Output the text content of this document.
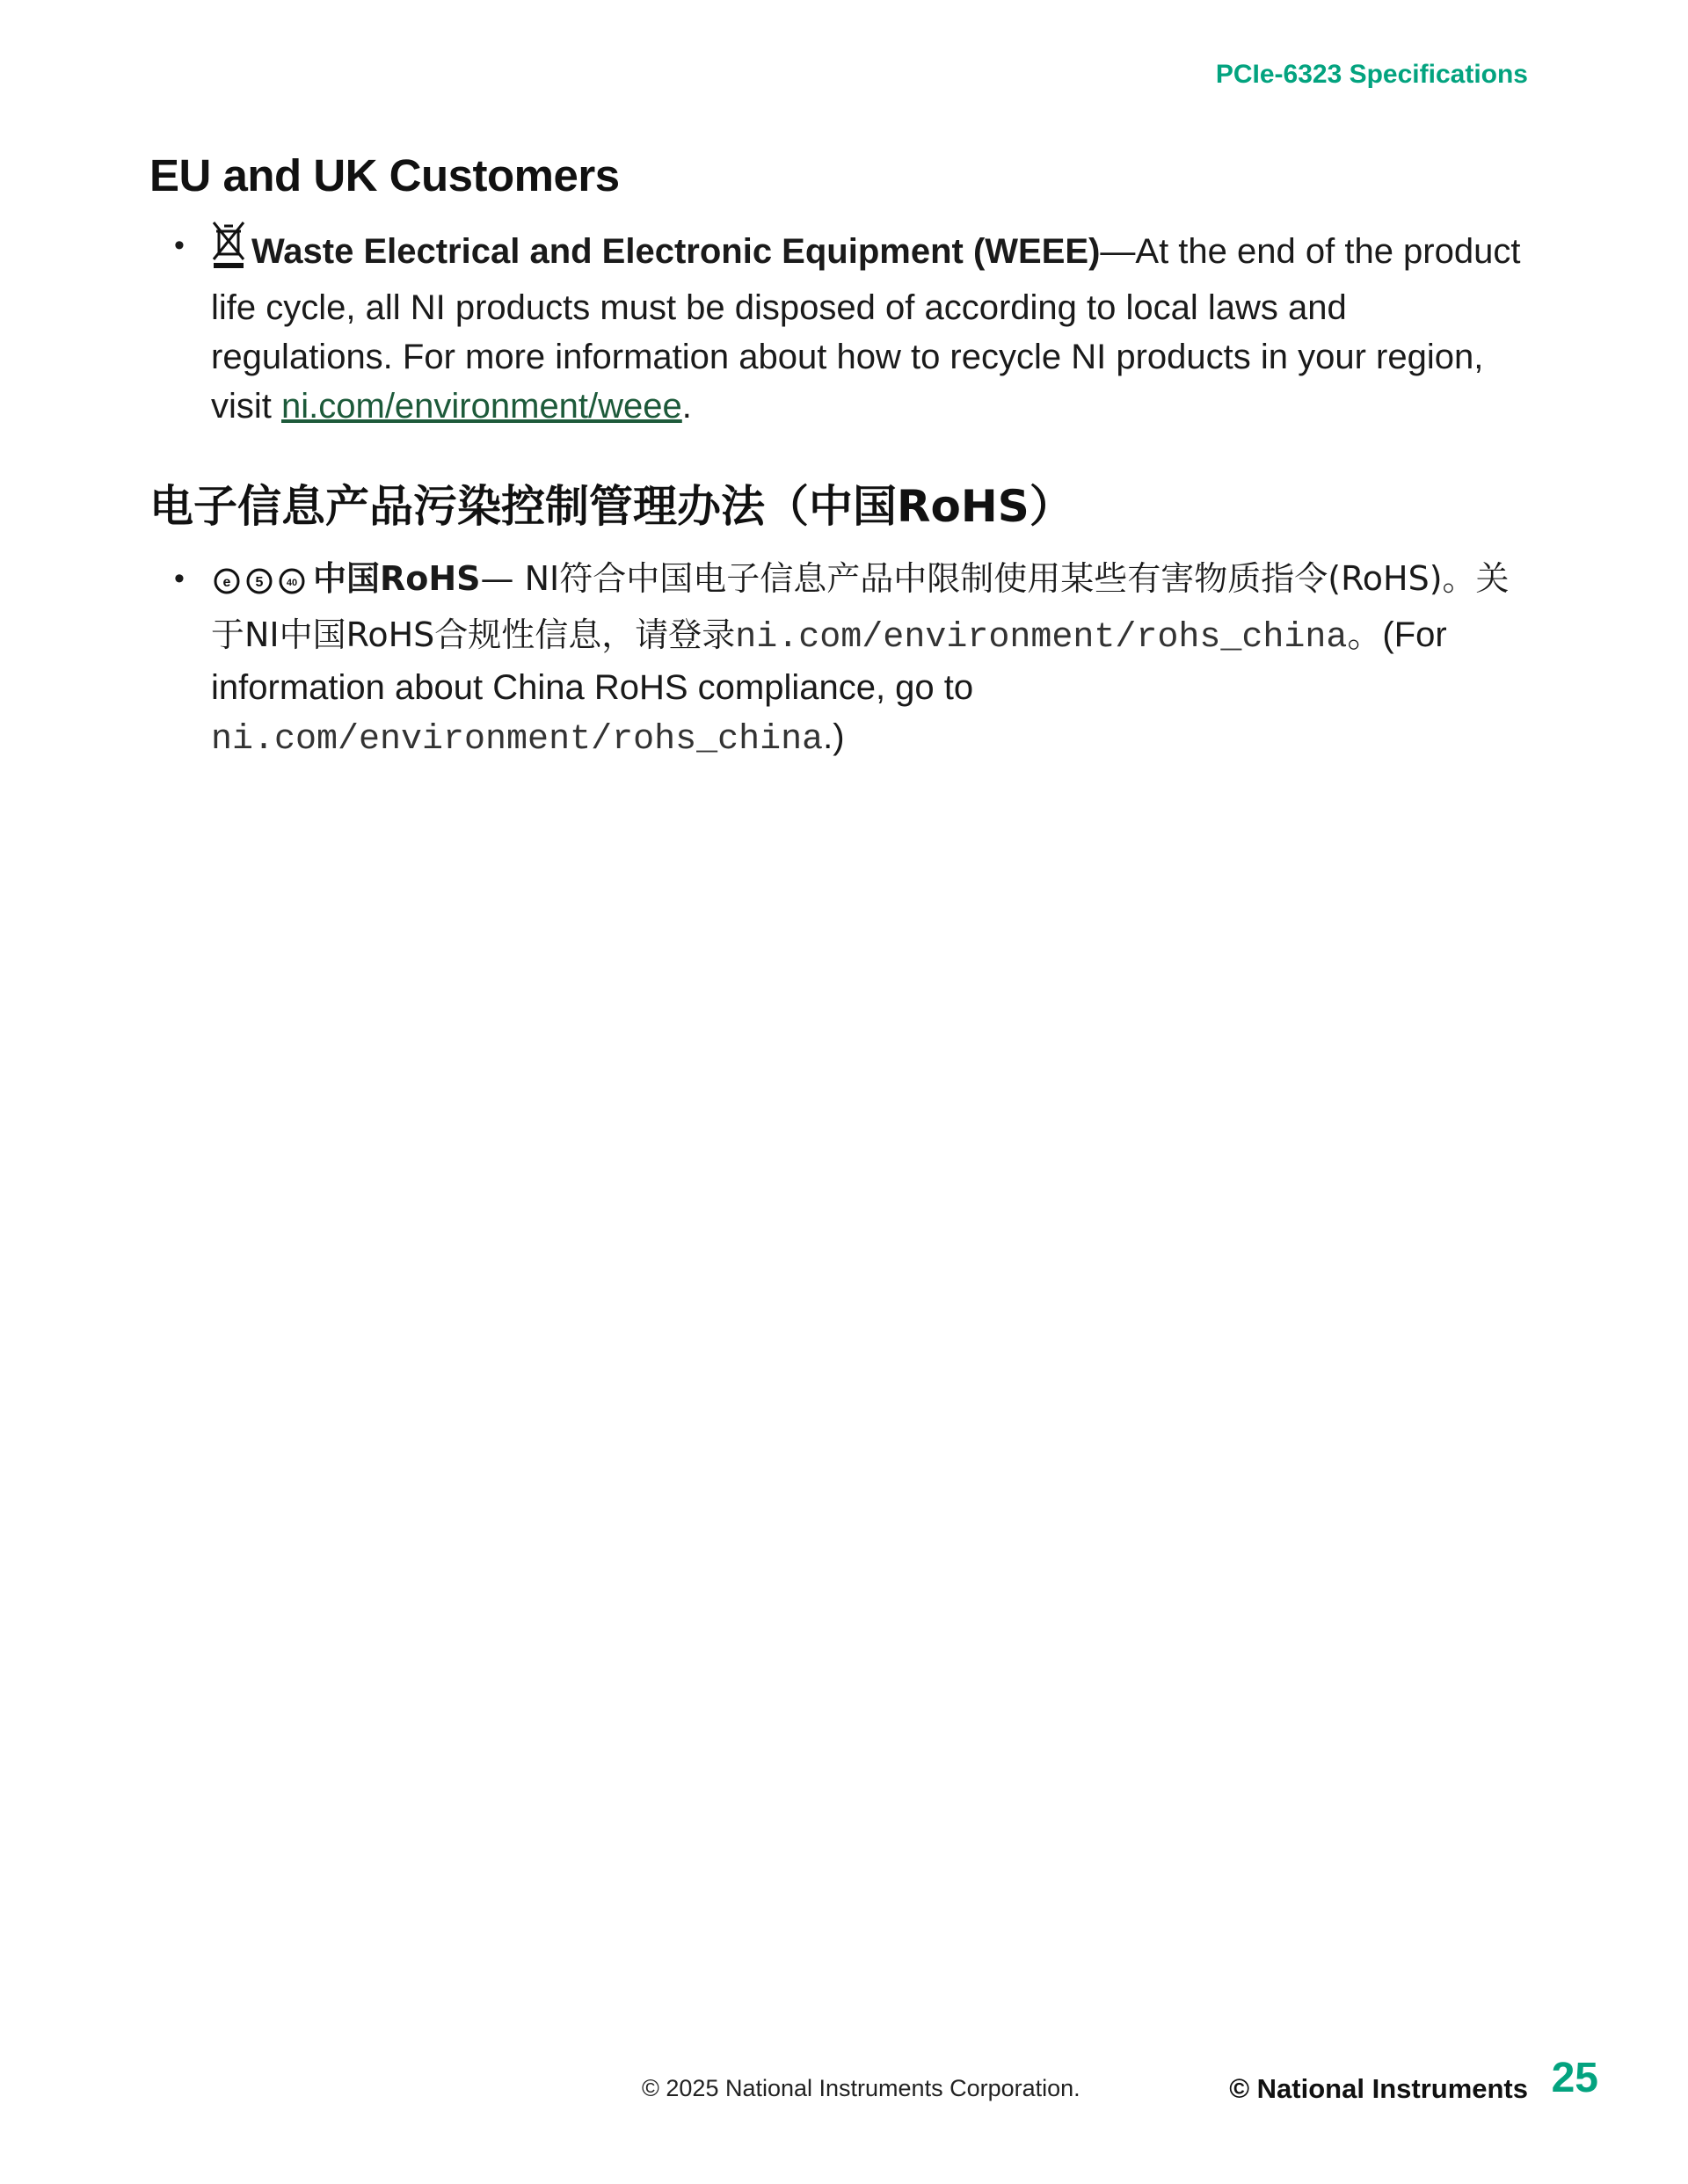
PCIe-6323 Specifications
EU and UK Customers
• Waste Electrical and Electronic Equipment (WEEE)—At the end of the product life cycle, all NI products must be disposed of according to local laws and regulations. For more information about how to recycle NI products in your region, visit ni.com/environment/weee.
电子信息产品污染控制管理办法（中国RoHS）
•	e 5 40 中国RoHS— NI符合中国电子信息产品中限制使用某些有害物质指令(RoHS)。关于NI中国RoHS合规性信息，请登录ni.com/environment/rohs_china。(For information about China RoHS compliance, go to ni.com/environment/rohs_china.)
© 2025 National Instruments Corporation.	© National Instruments 25
